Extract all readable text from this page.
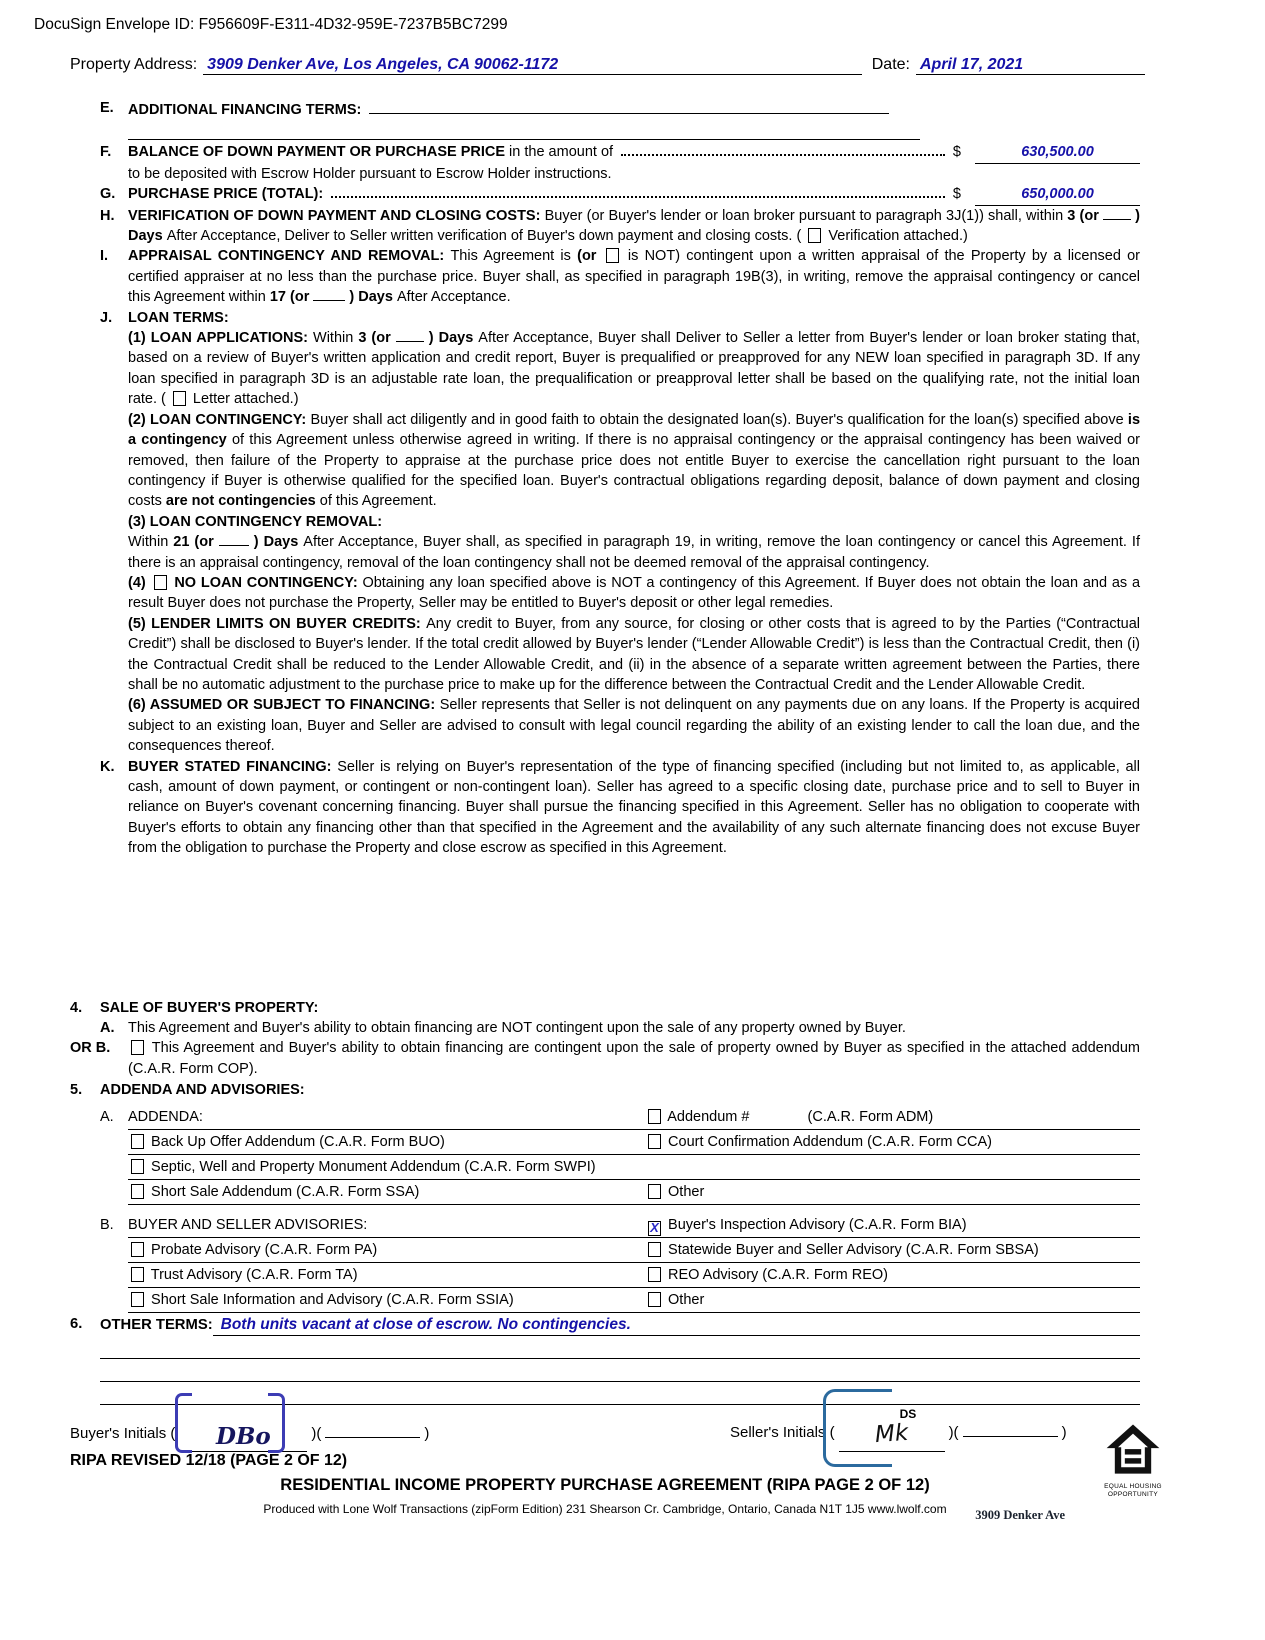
DocuSign Envelope ID: F956609F-E311-4D32-959E-7237B5BC7299
Property Address: 3909 Denker Ave, Los Angeles, CA 90062-1172	Date: April 17, 2021
E. ADDITIONAL FINANCING TERMS:
F.	BALANCE OF DOWN PAYMENT OR PURCHASE PRICE in the amount of	$	630,500.00
to be deposited with Escrow Holder pursuant to Escrow Holder instructions.
G. PURCHASE PRICE (TOTAL):	$	650,000.00
H. VERIFICATION OF DOWN PAYMENT AND CLOSING COSTS: Buyer (or Buyer's lender or loan broker pursuant to paragraph 3J(1)) shall, within 3 (or  ) Days After Acceptance, Deliver to Seller written verification of Buyer's down payment and closing costs. (  Verification attached.)
I.	APPRAISAL CONTINGENCY AND REMOVAL: This Agreement is (or  is NOT) contingent upon a written appraisal of the Property by a licensed or certified appraiser at no less than the purchase price. Buyer shall, as specified in paragraph 19B(3), in writing, remove the appraisal contingency or cancel this Agreement within 17 (or  ) Days After Acceptance.
J.	LOAN TERMS:
(1) LOAN APPLICATIONS: Within 3 (or  ) Days After Acceptance, Buyer shall Deliver to Seller a letter from Buyer's lender or loan broker stating that, based on a review of Buyer's written application and credit report, Buyer is prequalified or preapproved for any NEW loan specified in paragraph 3D. If any loan specified in paragraph 3D is an adjustable rate loan, the prequalification or preapproval letter shall be based on the qualifying rate, not the initial loan rate. (  Letter attached.)
(2) LOAN CONTINGENCY: Buyer shall act diligently and in good faith to obtain the designated loan(s). Buyer's qualification for the loan(s) specified above is a contingency of this Agreement unless otherwise agreed in writing. If there is no appraisal contingency or the appraisal contingency has been waived or removed, then failure of the Property to appraise at the purchase price does not entitle Buyer to exercise the cancellation right pursuant to the loan contingency if Buyer is otherwise qualified for the specified loan. Buyer's contractual obligations regarding deposit, balance of down payment and closing costs are not contingencies of this Agreement.
(3) LOAN CONTINGENCY REMOVAL:
Within 21 (or  ) Days After Acceptance, Buyer shall, as specified in paragraph 19, in writing, remove the loan contingency or cancel this Agreement. If there is an appraisal contingency, removal of the loan contingency shall not be deemed removal of the appraisal contingency.
(4)  NO LOAN CONTINGENCY: Obtaining any loan specified above is NOT a contingency of this Agreement. If Buyer does not obtain the loan and as a result Buyer does not purchase the Property, Seller may be entitled to Buyer's deposit or other legal remedies.
(5) LENDER LIMITS ON BUYER CREDITS: Any credit to Buyer, from any source, for closing or other costs that is agreed to by the Parties (“Contractual Credit”) shall be disclosed to Buyer's lender. If the total credit allowed by Buyer's lender (“Lender Allowable Credit”) is less than the Contractual Credit, then (i) the Contractual Credit shall be reduced to the Lender Allowable Credit, and (ii) in the absence of a separate written agreement between the Parties, there shall be no automatic adjustment to the purchase price to make up for the difference between the Contractual Credit and the Lender Allowable Credit.
(6) ASSUMED OR SUBJECT TO FINANCING: Seller represents that Seller is not delinquent on any payments due on any loans. If the Property is acquired subject to an existing loan, Buyer and Seller are advised to consult with legal council regarding the ability of an existing lender to call the loan due, and the consequences thereof.
K. BUYER STATED FINANCING: Seller is relying on Buyer's representation of the type of financing specified (including but not limited to, as applicable, all cash, amount of down payment, or contingent or non-contingent loan). Seller has agreed to a specific closing date, purchase price and to sell to Buyer in reliance on Buyer's covenant concerning financing. Buyer shall pursue the financing specified in this Agreement. Seller has no obligation to cooperate with Buyer's efforts to obtain any financing other than that specified in the Agreement and the availability of any such alternate financing does not excuse Buyer from the obligation to purchase the Property and close escrow as specified in this Agreement.
4.	SALE OF BUYER'S PROPERTY:
A. This Agreement and Buyer's ability to obtain financing are NOT contingent upon the sale of any property owned by Buyer.
OR B.	This Agreement and Buyer's ability to obtain financing are contingent upon the sale of property owned by Buyer as specified in the attached addendum (C.A.R. Form COP).
5.	ADDENDA AND ADVISORIES:
A. ADDENDA:	Addendum #	(C.A.R. Form ADM)
Back Up Offer Addendum (C.A.R. Form BUO)	Court Confirmation Addendum (C.A.R. Form CCA)
Septic, Well and Property Monument Addendum (C.A.R. Form SWPI)
Short Sale Addendum (C.A.R. Form SSA)	Other
B. BUYER AND SELLER ADVISORIES:	X Buyer's Inspection Advisory (C.A.R. Form BIA)
Probate Advisory (C.A.R. Form PA)	Statewide Buyer and Seller Advisory (C.A.R. Form SBSA)
Trust Advisory (C.A.R. Form TA)	REO Advisory (C.A.R. Form REO)
Short Sale Information and Advisory (C.A.R. Form SSIA)	Other
6.	OTHER TERMS: Both units vacant at close of escrow. No contingencies.
Buyer's Initials (	DBo	)(	)	Seller's Initials (
DS
Mk	)(	)
RIPA REVISED 12/18 (PAGE 2 OF 12)
RESIDENTIAL INCOME PROPERTY PURCHASE AGREEMENT (RIPA PAGE 2 OF 12)
Produced with Lone Wolf Transactions (zipForm Edition) 231 Shearson Cr. Cambridge, Ontario, Canada N1T 1J5 www.lwolf.com	3909 Denker Ave
EQUAL HOUSING
OPPORTUNITY
